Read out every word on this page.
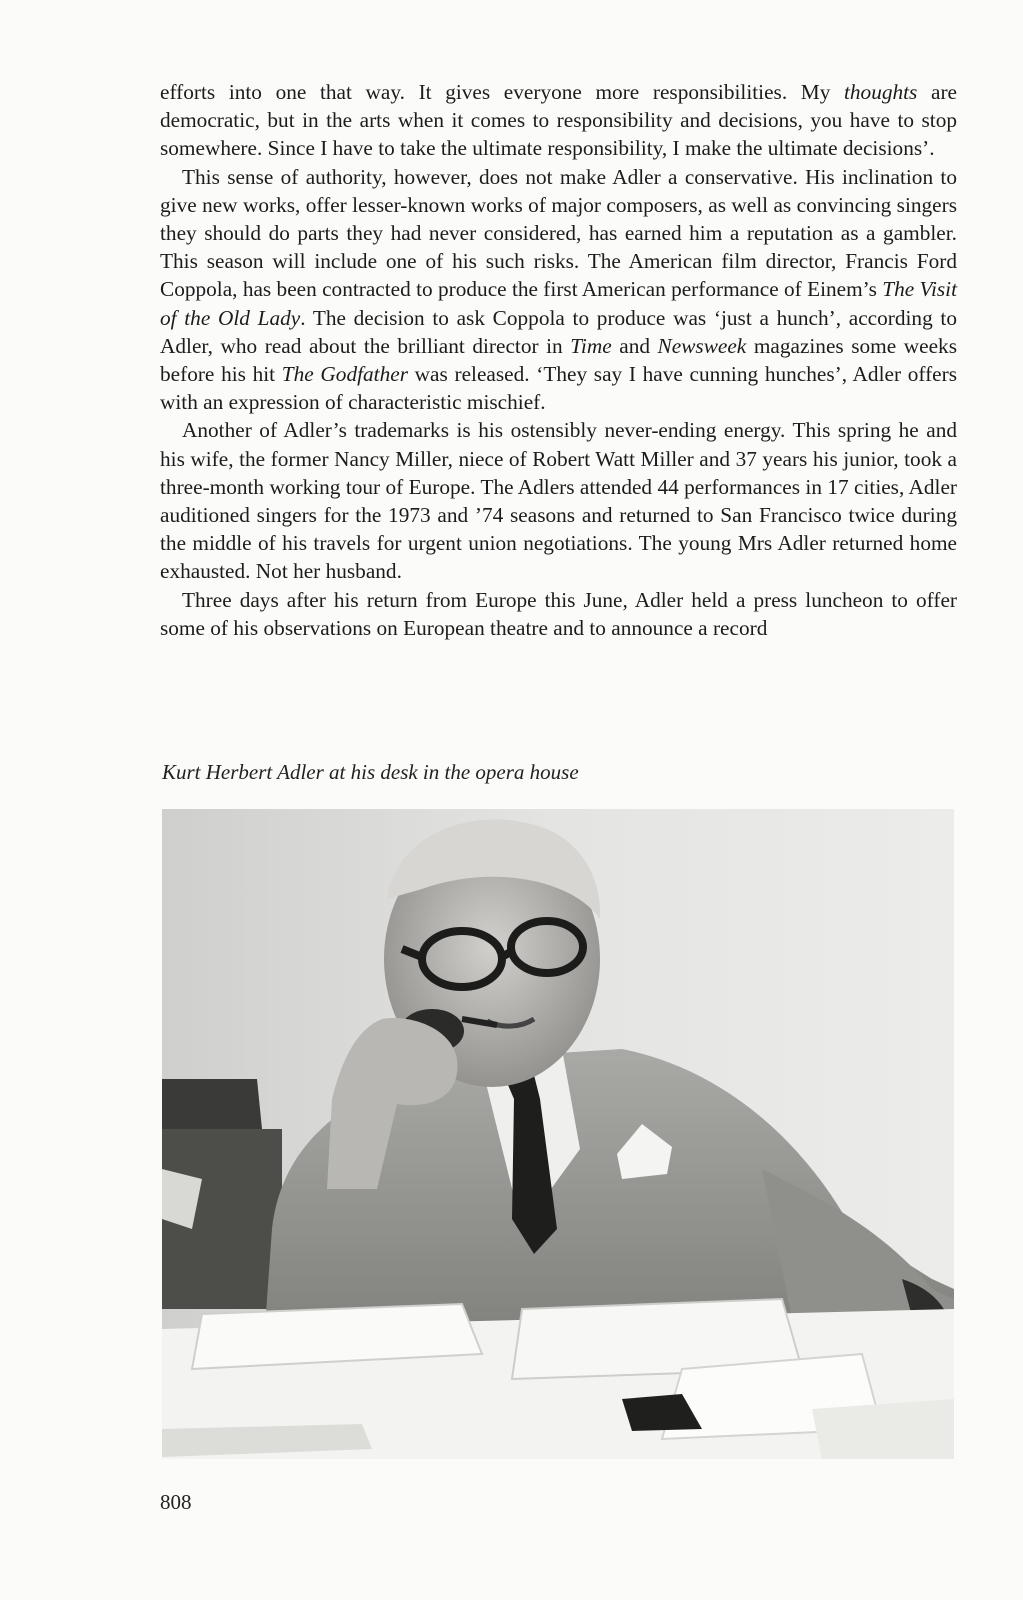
efforts into one that way. It gives everyone more responsibilities. My thoughts are democratic, but in the arts when it comes to responsibility and decisions, you have to stop somewhere. Since I have to take the ultimate responsibility, I make the ultimate decisions’.

This sense of authority, however, does not make Adler a conservative. His inclination to give new works, offer lesser-known works of major composers, as well as convincing singers they should do parts they had never considered, has earned him a reputation as a gambler. This season will include one of his such risks. The American film director, Francis Ford Coppola, has been contracted to produce the first American performance of Einem’s The Visit of the Old Lady. The decision to ask Coppola to produce was ‘just a hunch’, according to Adler, who read about the brilliant director in Time and Newsweek magazines some weeks before his hit The Godfather was released. ‘They say I have cunning hunches’, Adler offers with an expression of characteristic mischief.

Another of Adler’s trademarks is his ostensibly never-ending energy. This spring he and his wife, the former Nancy Miller, niece of Robert Watt Miller and 37 years his junior, took a three-month working tour of Europe. The Adlers attended 44 performances in 17 cities, Adler auditioned singers for the 1973 and ’74 seasons and returned to San Francisco twice during the middle of his travels for urgent union negotiations. The young Mrs Adler returned home exhausted. Not her husband.

Three days after his return from Europe this June, Adler held a press luncheon to offer some of his observations on European theatre and to announce a record

Kurt Herbert Adler at his desk in the opera house
808
